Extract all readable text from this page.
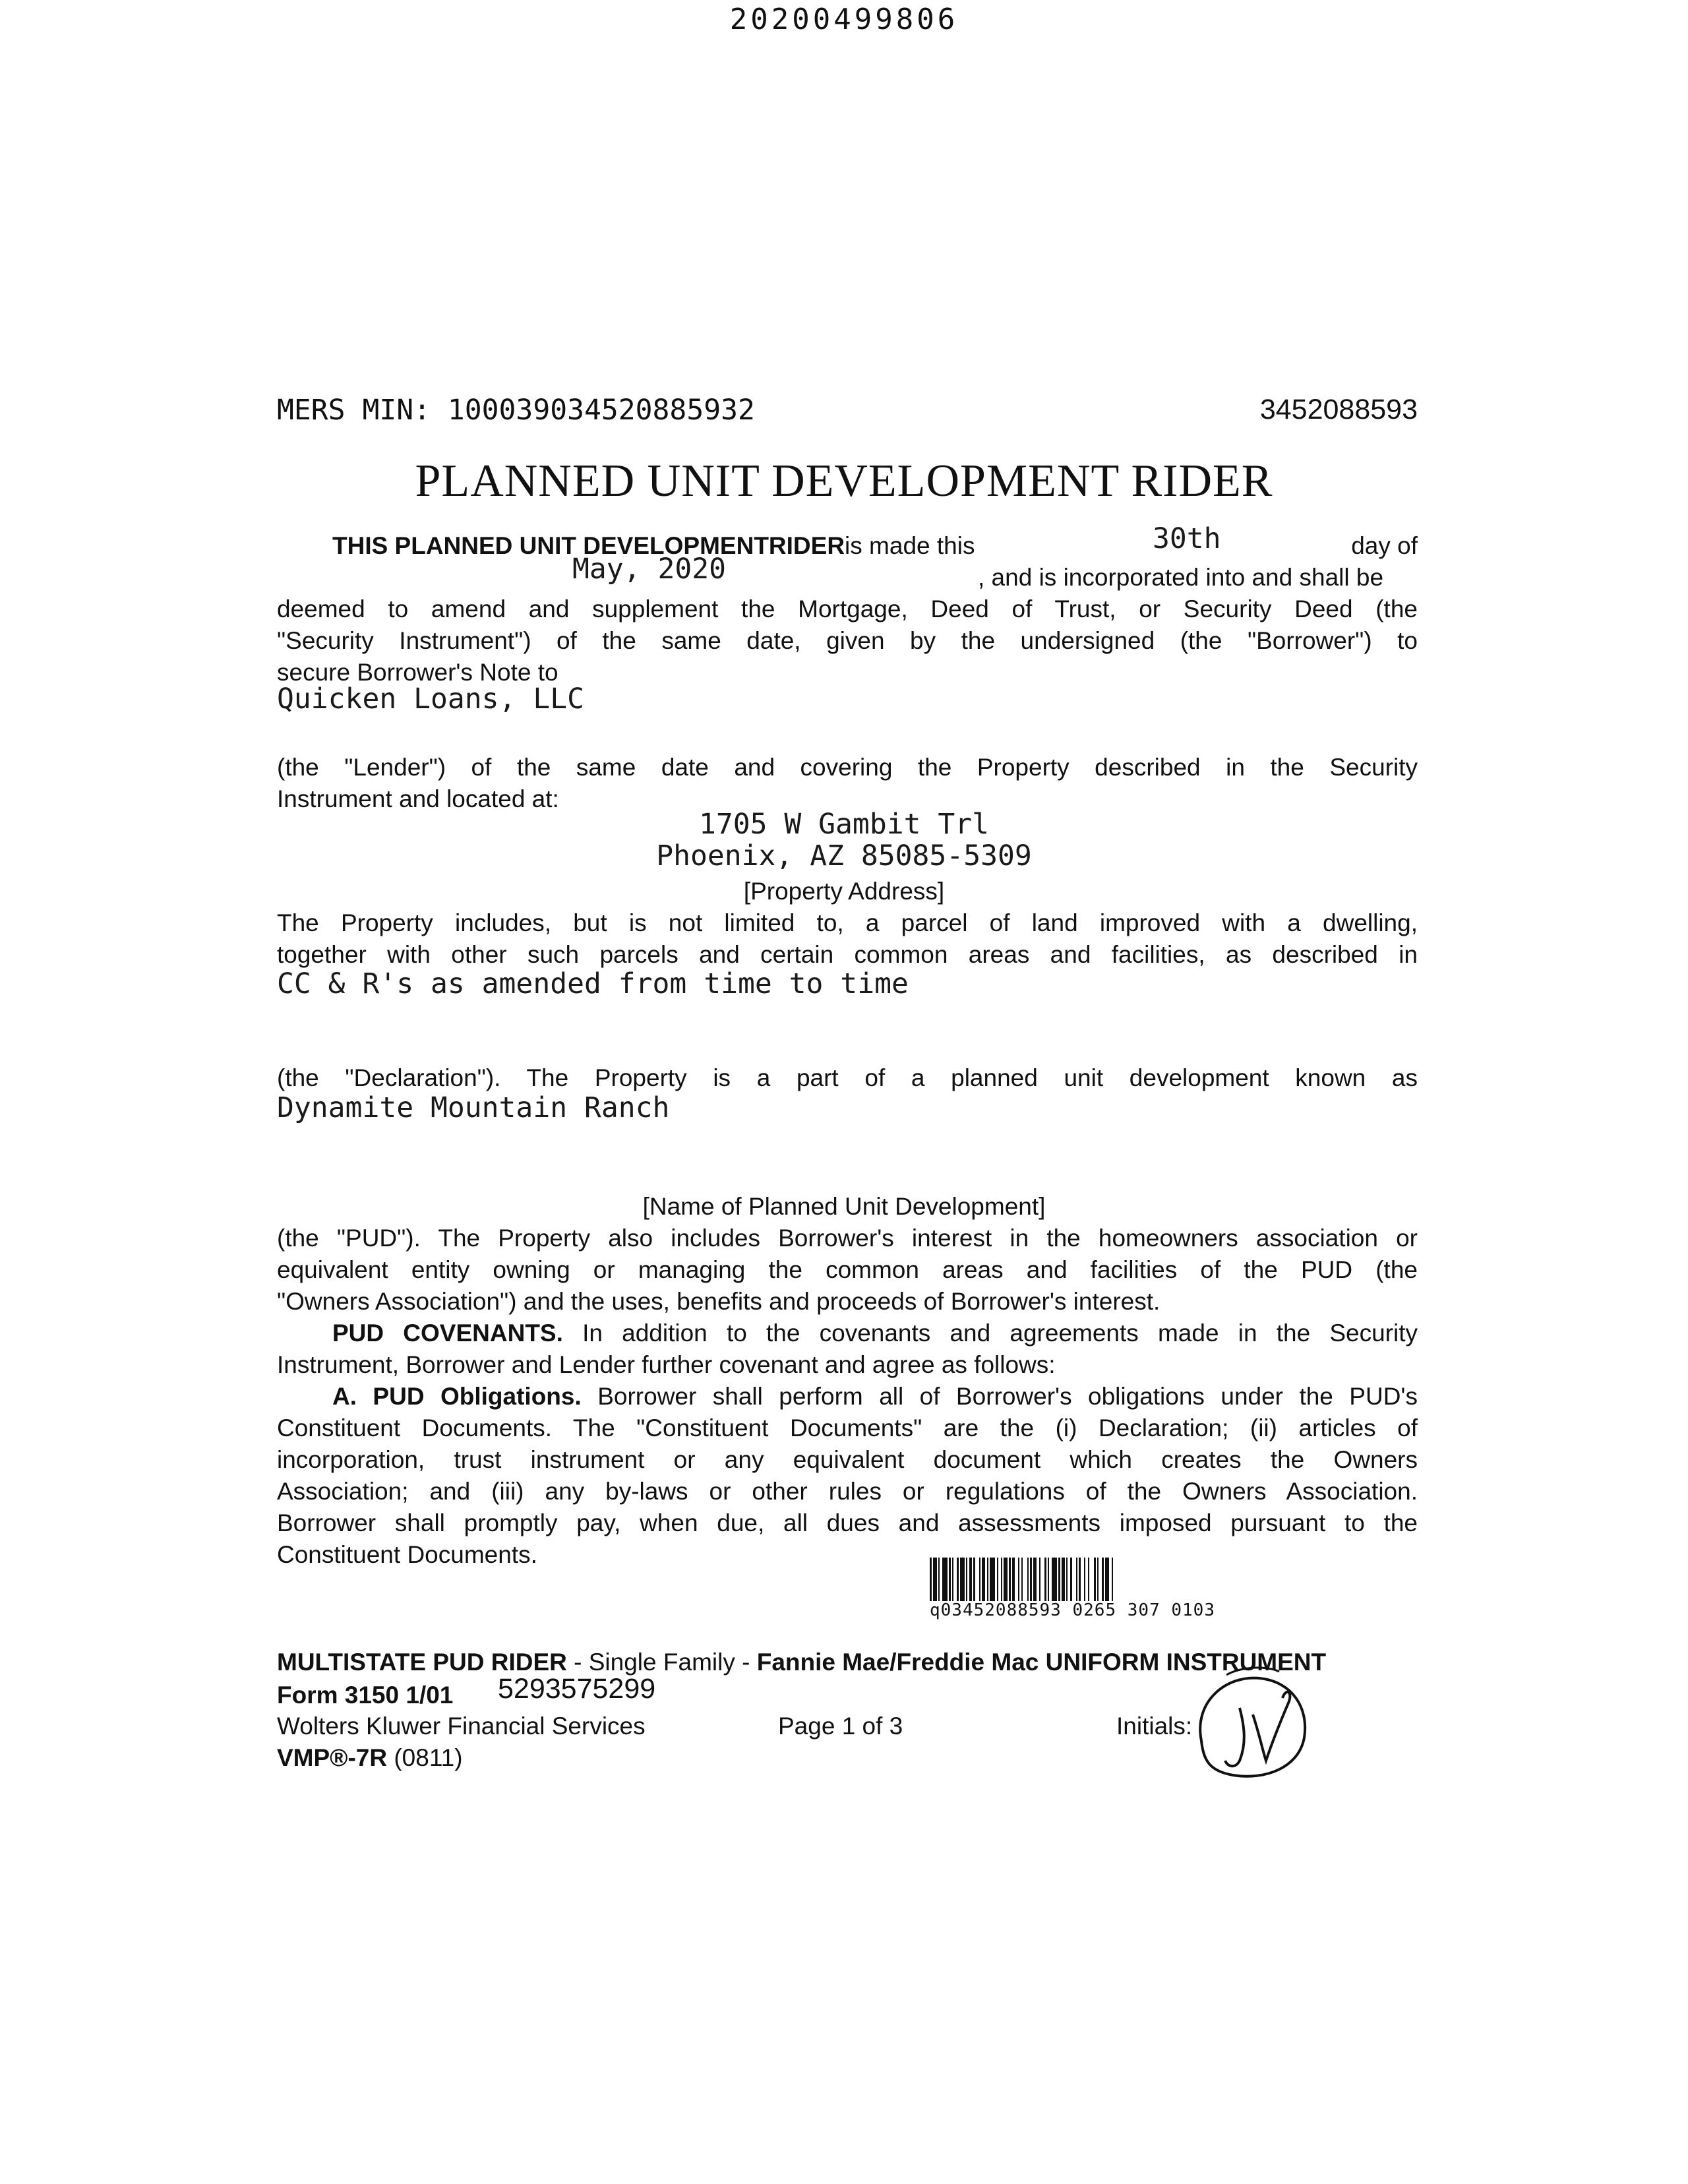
20200499806
MERS MIN: 100039034520885932	3452088593
PLANNED UNIT DEVELOPMENT RIDER
THIS PLANNED UNIT DEVELOPMENTRIDERis made this	30th	day of
May, 2020	, and is incorporated into and shall be
deemed to amend and supplement the Mortgage, Deed of Trust, or Security Deed (the
"Security Instrument") of the same date, given by the undersigned (the "Borrower") to
secure Borrower's Note to
Quicken Loans, LLC
(the "Lender") of the same date and covering the Property described in the Security
Instrument and located at:
1705 W Gambit Trl
Phoenix, AZ 85085-5309
[Property Address]
The Property includes, but is not limited to, a parcel of land improved with a dwelling,
together with other such parcels and certain common areas and facilities, as described in
CC & R's as amended from time to time
(the "Declaration"). The Property is a part of a planned unit development known as
Dynamite Mountain Ranch
[Name of Planned Unit Development]
(the "PUD"). The Property also includes Borrower's interest in the homeowners association or
equivalent entity owning or managing the common areas and facilities of the PUD (the
"Owners Association") and the uses, benefits and proceeds of Borrower's interest.
PUD COVENANTS. In addition to the covenants and agreements made in the Security
Instrument, Borrower and Lender further covenant and agree as follows:
A. PUD Obligations. Borrower shall perform all of Borrower's obligations under the PUD's
Constituent Documents. The "Constituent Documents" are the (i) Declaration; (ii) articles of
incorporation, trust instrument or any equivalent document which creates the Owners
Association; and (iii) any by-laws or other rules or regulations of the Owners Association.
Borrower shall promptly pay, when due, all dues and assessments imposed pursuant to the
Constituent Documents.
q03452088593 0265 307 0103
MULTISTATE PUD RIDER - Single Family - Fannie Mae/Freddie Mac UNIFORM INSTRUMENT
Form 3150 1/01 5293575299
Wolters Kluwer Financial Services	Page 1 of 3	Initials:
VMP®-7R (0811)
